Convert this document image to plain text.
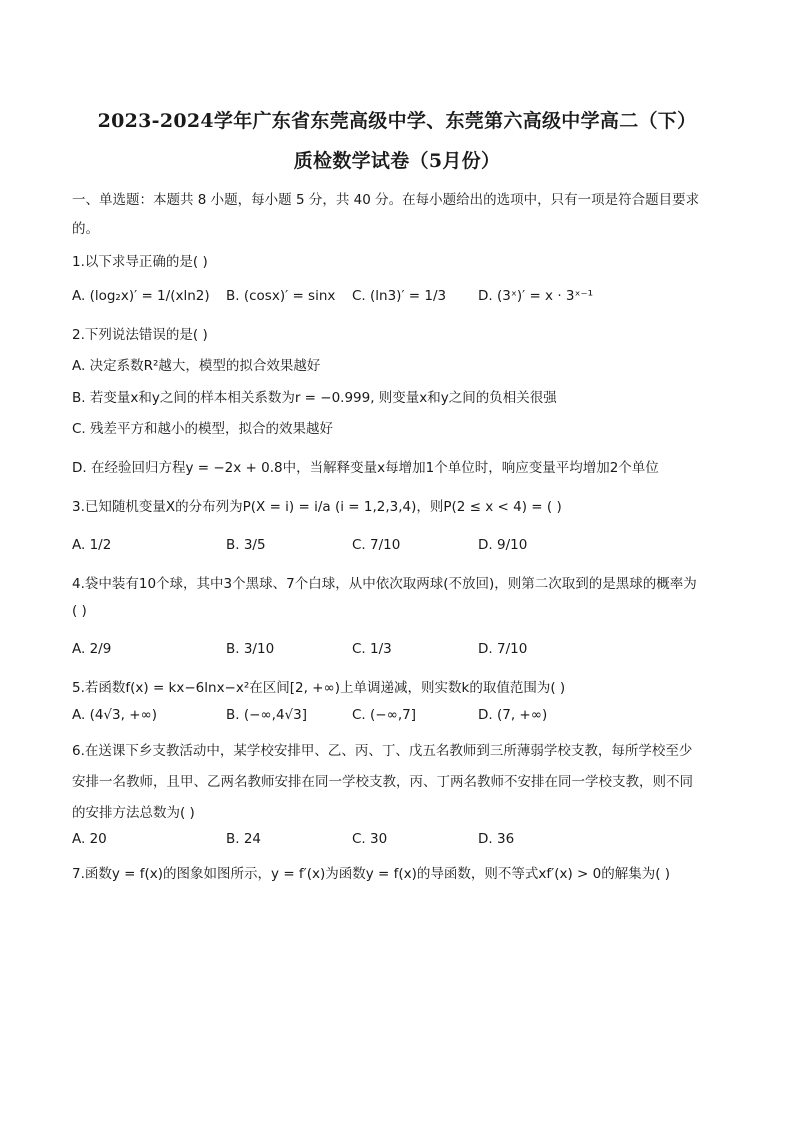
2023-2024学年广东省东莞高级中学、东莞第六高级中学高二（下）
质检数学试卷（5月份）
一、单选题：本题共 8 小题，每小题 5 分，共 40 分。在每小题给出的选项中，只有一项是符合题目要求
的。
1.以下求导正确的是( )
A. (log₂x)′ = 1/(xln2) B. (cosx)′ = sinx C. (ln3)′ = 1/3 D. (3ˣ)′ = x · 3ˣ⁻¹
2.下列说法错误的是( )
A. 决定系数R²越大，模型的拟合效果越好
B. 若变量x和y之间的样本相关系数为r = −0.999, 则变量x和y之间的负相关很强
C. 残差平方和越小的模型，拟合的效果越好
D. 在经验回归方程y = −2x + 0.8中，当解释变量x每增加1个单位时，响应变量平均增加2个单位
3.已知随机变量X的分布列为P(X = i) = i/a (i = 1,2,3,4)，则P(2 ≤ x < 4) = ( )
A. 1/2	B. 3/5	C. 7/10	D. 9/10
4.袋中装有10个球，其中3个黑球、7个白球，从中依次取两球(不放回)，则第二次取到的是黑球的概率为
( )
A. 2/9	B. 3/10	C. 1/3	D. 7/10
5.若函数f(x) = kx−6lnx−x²在区间[2, +∞)上单调递减，则实数k的取值范围为( )
A. (4√3, +∞)	B. (−∞,4√3]	C. (−∞,7]	D. (7, +∞)
6.在送课下乡支教活动中，某学校安排甲、乙、丙、丁、戊五名教师到三所薄弱学校支教，每所学校至少
安排一名教师，且甲、乙两名教师安排在同一学校支教，丙、丁两名教师不安排在同一学校支教，则不同
的安排方法总数为( )
A. 20	B. 24	C. 30	D. 36
7.函数y = f(x)的图象如图所示，y = f′(x)为函数y = f(x)的导函数，则不等式xf′(x) > 0的解集为( )
